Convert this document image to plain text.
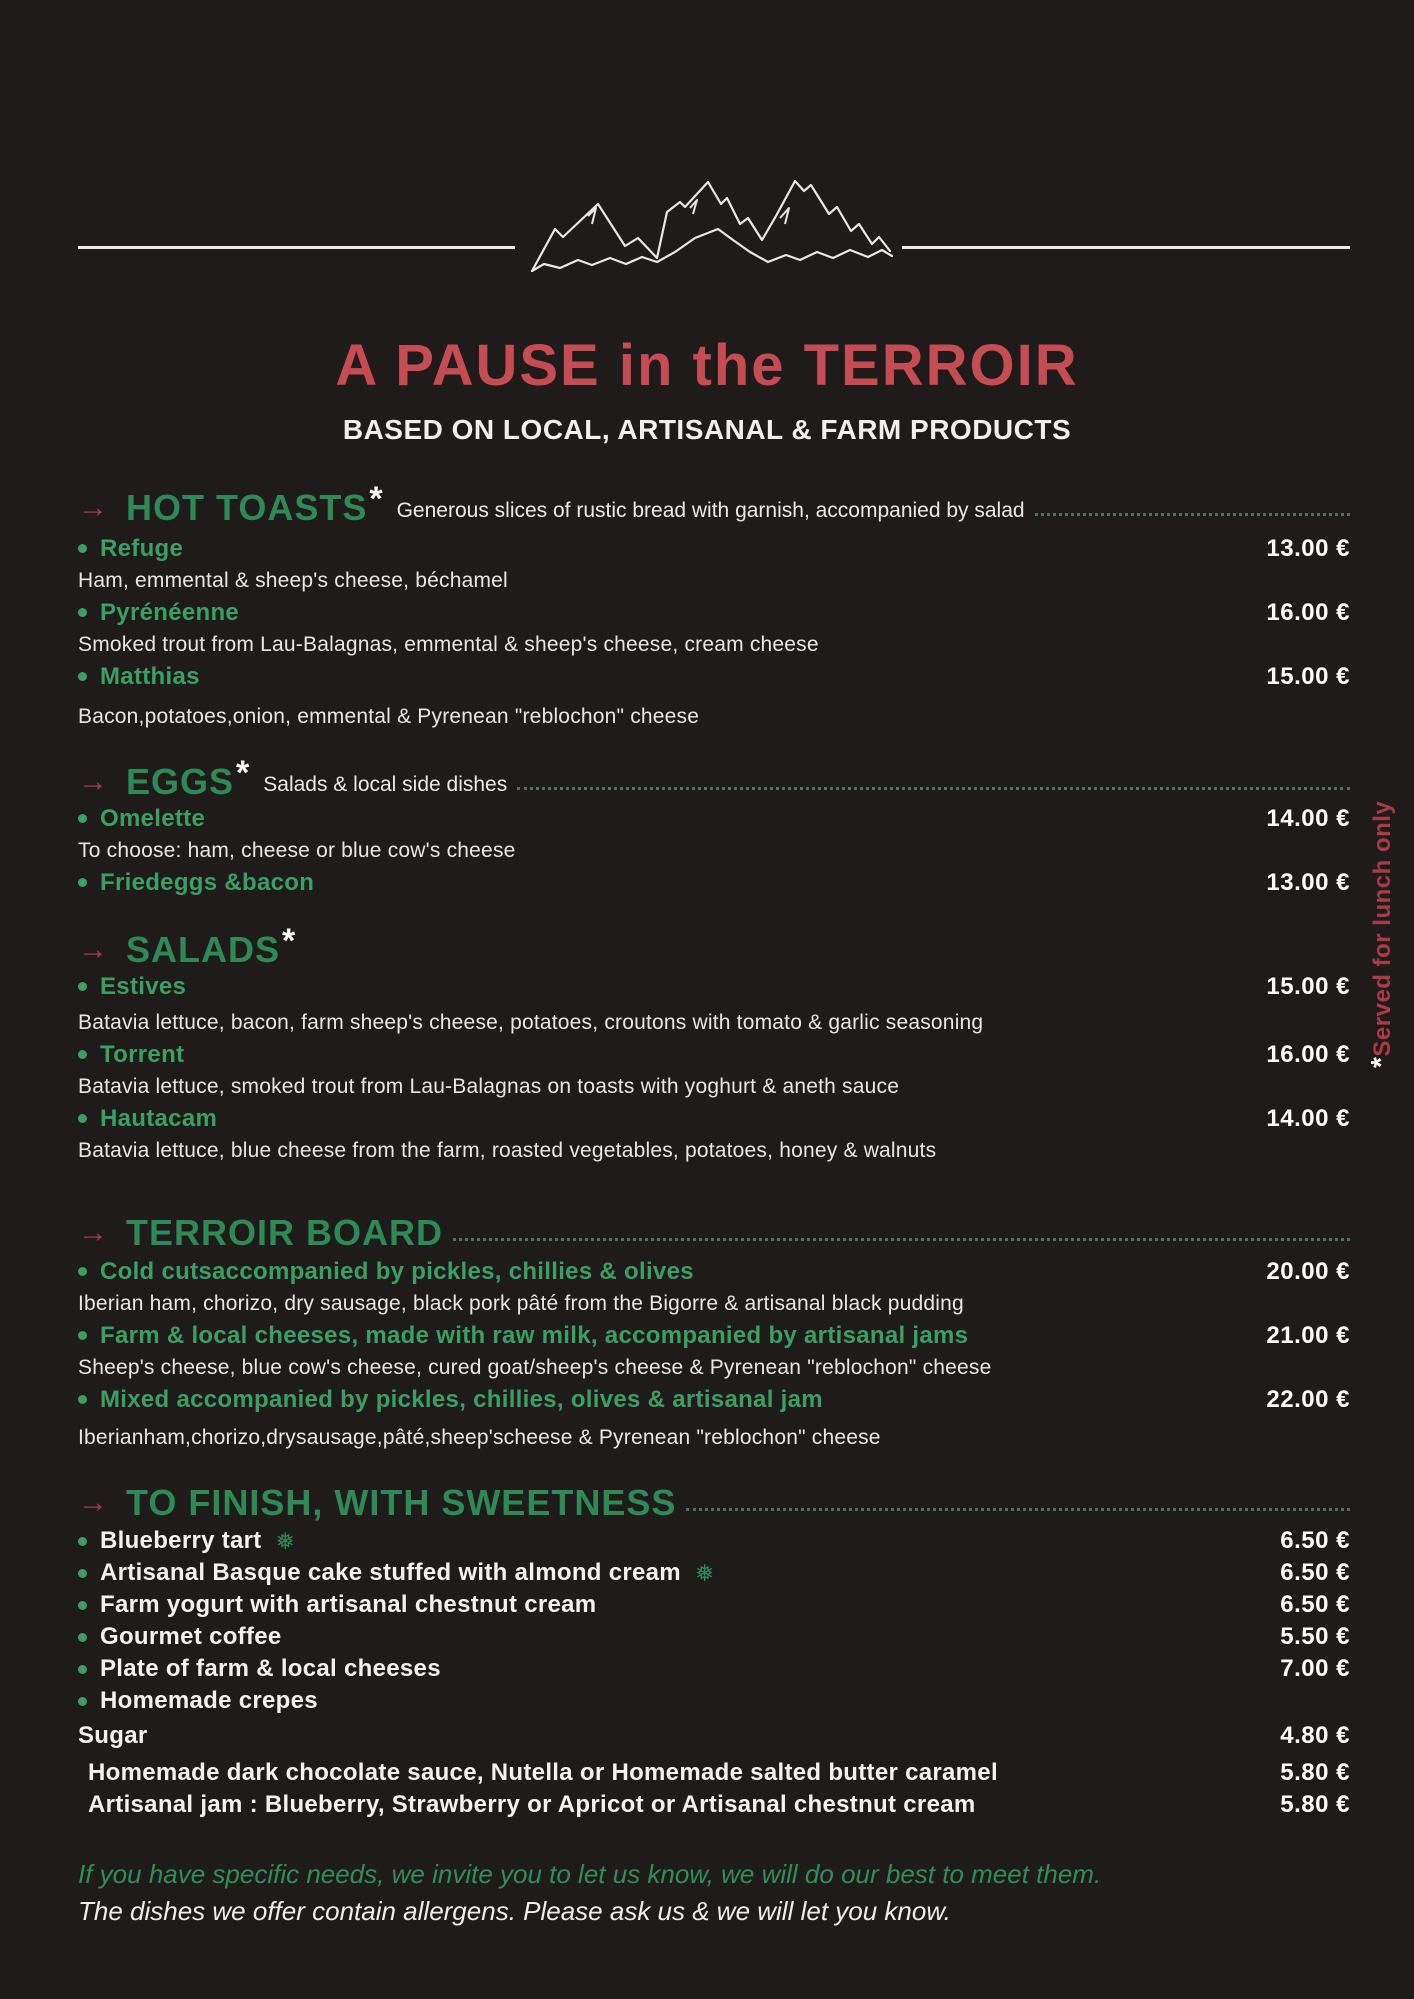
A PAUSE in the TERROIR
BASED ON LOCAL, ARTISANAL & FARM PRODUCTS
*Served for lunch only
→ HOT TOASTS * Generous slices of rustic bread with garnish, accompanied by salad
Refuge	13.00 €
Ham, emmental & sheep's cheese, béchamel
Pyrénéenne	16.00 €
Smoked trout from Lau-Balagnas, emmental & sheep's cheese, cream cheese
Matthias	15.00 €
Bacon,potatoes,onion, emmental & Pyrenean "reblochon" cheese
→ EGGS * Salads & local side dishes
Omelette	14.00 €
To choose: ham, cheese or blue cow's cheese
Friedeggs &bacon	13.00 €
→ SALADS *
Estives	15.00 €
Batavia lettuce, bacon, farm sheep's cheese, potatoes, croutons with tomato & garlic seasoning
Torrent	16.00 €
Batavia lettuce, smoked trout from Lau-Balagnas on toasts with yoghurt & aneth sauce
Hautacam	14.00 €
Batavia lettuce, blue cheese from the farm, roasted vegetables, potatoes, honey & walnuts
→ TERROIR BOARD
Cold cutsaccompanied by pickles, chillies & olives	20.00 €
Iberian ham, chorizo, dry sausage, black pork pâté from the Bigorre & artisanal black pudding
Farm & local cheeses, made with raw milk, accompanied by artisanal jams	21.00 €
Sheep's cheese, blue cow's cheese, cured goat/sheep's cheese & Pyrenean "reblochon" cheese
Mixed accompanied by pickles, chillies, olives & artisanal jam	22.00 €
Iberianham,chorizo,drysausage,pâté,sheep'scheese & Pyrenean "reblochon" cheese
→ TO FINISH, WITH SWEETNESS
Blueberry tart ❅	6.50 €
Artisanal Basque cake stuffed with almond cream ❅	6.50 €
Farm yogurt with artisanal chestnut cream	6.50 €
Gourmet coffee	5.50 €
Plate of farm & local cheeses	7.00 €
Homemade crepes
Sugar	4.80 €
Homemade dark chocolate sauce, Nutella or Homemade salted butter caramel	5.80 €
Artisanal jam : Blueberry, Strawberry or Apricot or Artisanal chestnut cream	5.80 €
If you have specific needs, we invite you to let us know, we will do our best to meet them.
The dishes we offer contain allergens. Please ask us & we will let you know.
